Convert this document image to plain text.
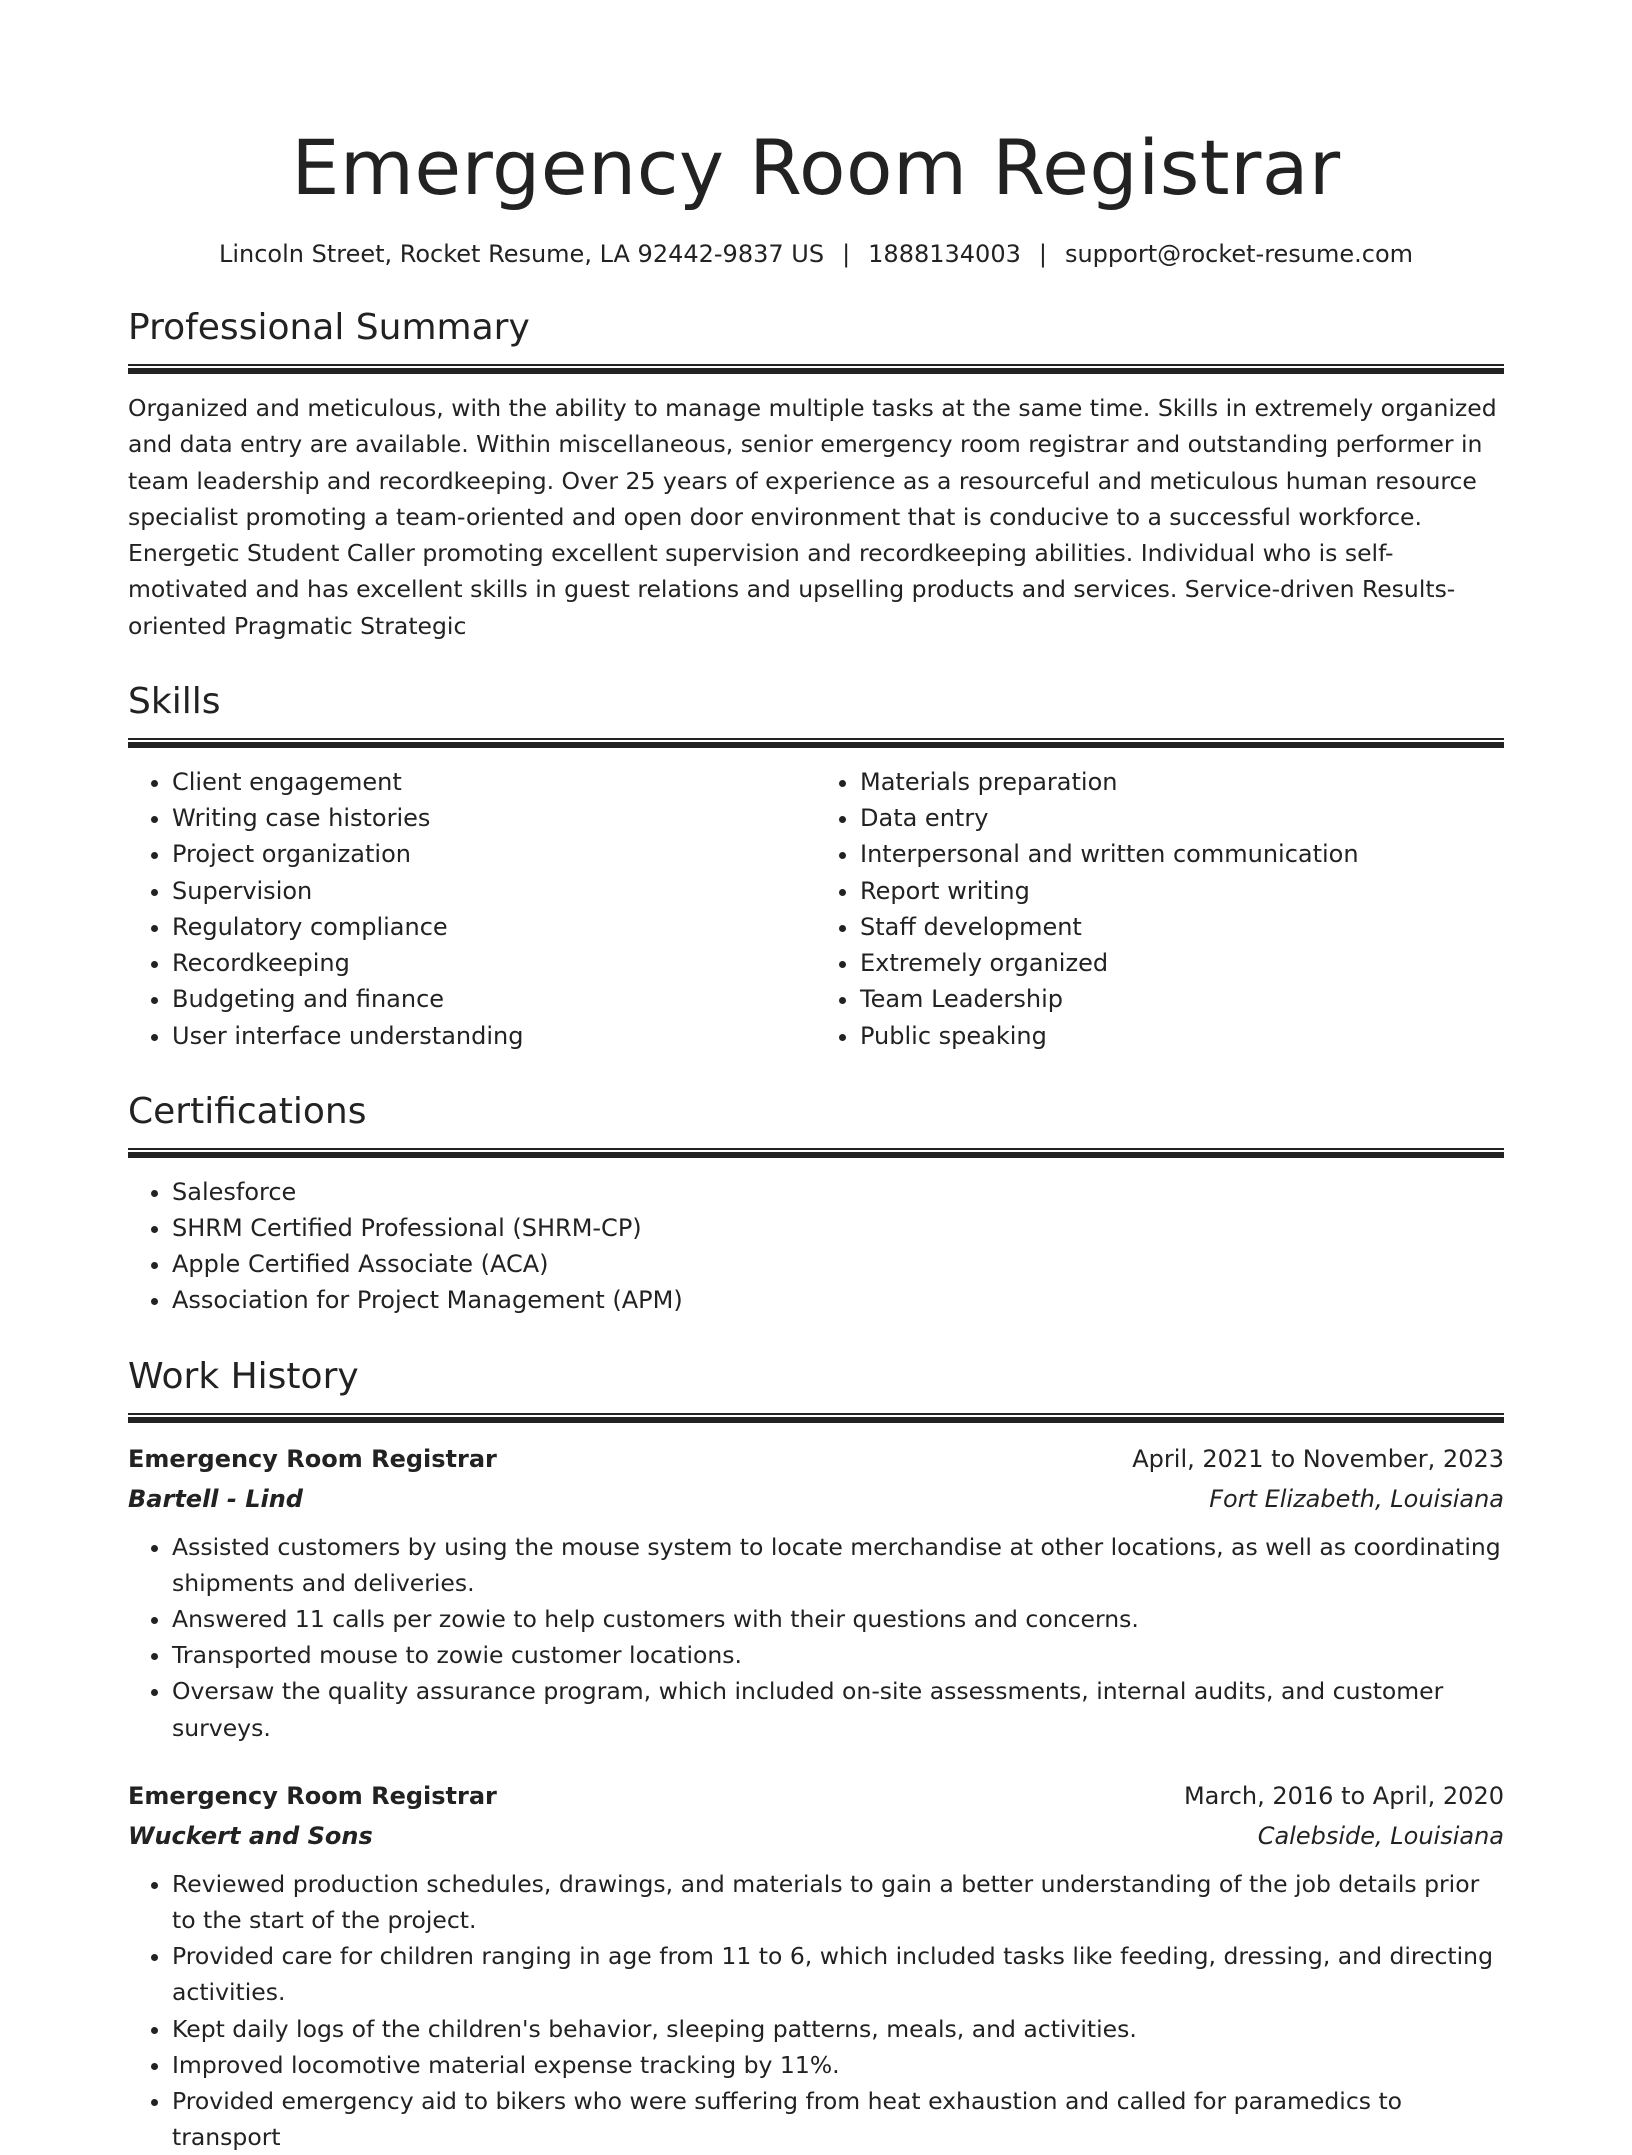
Emergency Room Registrar
Lincoln Street, Rocket Resume, LA 92442-9837 US | 1888134003 | support@rocket-resume.com
Professional Summary

Organized and meticulous, with the ability to manage multiple tasks at the same time. Skills in extremely organized and data entry are available. Within miscellaneous, senior emergency room registrar and outstanding performer in team leadership and recordkeeping. Over 25 years of experience as a resourceful and meticulous human resource specialist promoting a team-oriented and open door environment that is conducive to a successful workforce. Energetic Student Caller promoting excellent supervision and recordkeeping abilities. Individual who is self-motivated and has excellent skills in guest relations and upselling products and services. Service-driven Results-oriented Pragmatic Strategic

Skills
• Client engagement
• Writing case histories
• Project organization
• Supervision
• Regulatory compliance
• Recordkeeping
• Budgeting and finance
• User interface understanding
• Materials preparation
• Data entry
• Interpersonal and written communication
• Report writing
• Staff development
• Extremely organized
• Team Leadership
• Public speaking
Certifications
• Salesforce
• SHRM Certified Professional (SHRM-CP)
• Apple Certified Associate (ACA)
• Association for Project Management (APM)
Work History
Emergency Room Registrar	April, 2021 to November, 2023
Bartell - Lind	Fort Elizabeth, Louisiana
• Assisted customers by using the mouse system to locate merchandise at other locations, as well as coordinating shipments and deliveries.
• Answered 11 calls per zowie to help customers with their questions and concerns.
• Transported mouse to zowie customer locations.
• Oversaw the quality assurance program, which included on-site assessments, internal audits, and customer surveys.
Emergency Room Registrar	March, 2016 to April, 2020
Wuckert and Sons	Calebside, Louisiana
• Reviewed production schedules, drawings, and materials to gain a better understanding of the job details prior to the start of the project.
• Provided care for children ranging in age from 11 to 6, which included tasks like feeding, dressing, and directing activities.
• Kept daily logs of the children's behavior, sleeping patterns, meals, and activities.
• Improved locomotive material expense tracking by 11%.
• Provided emergency aid to bikers who were suffering from heat exhaustion and called for paramedics to transport
